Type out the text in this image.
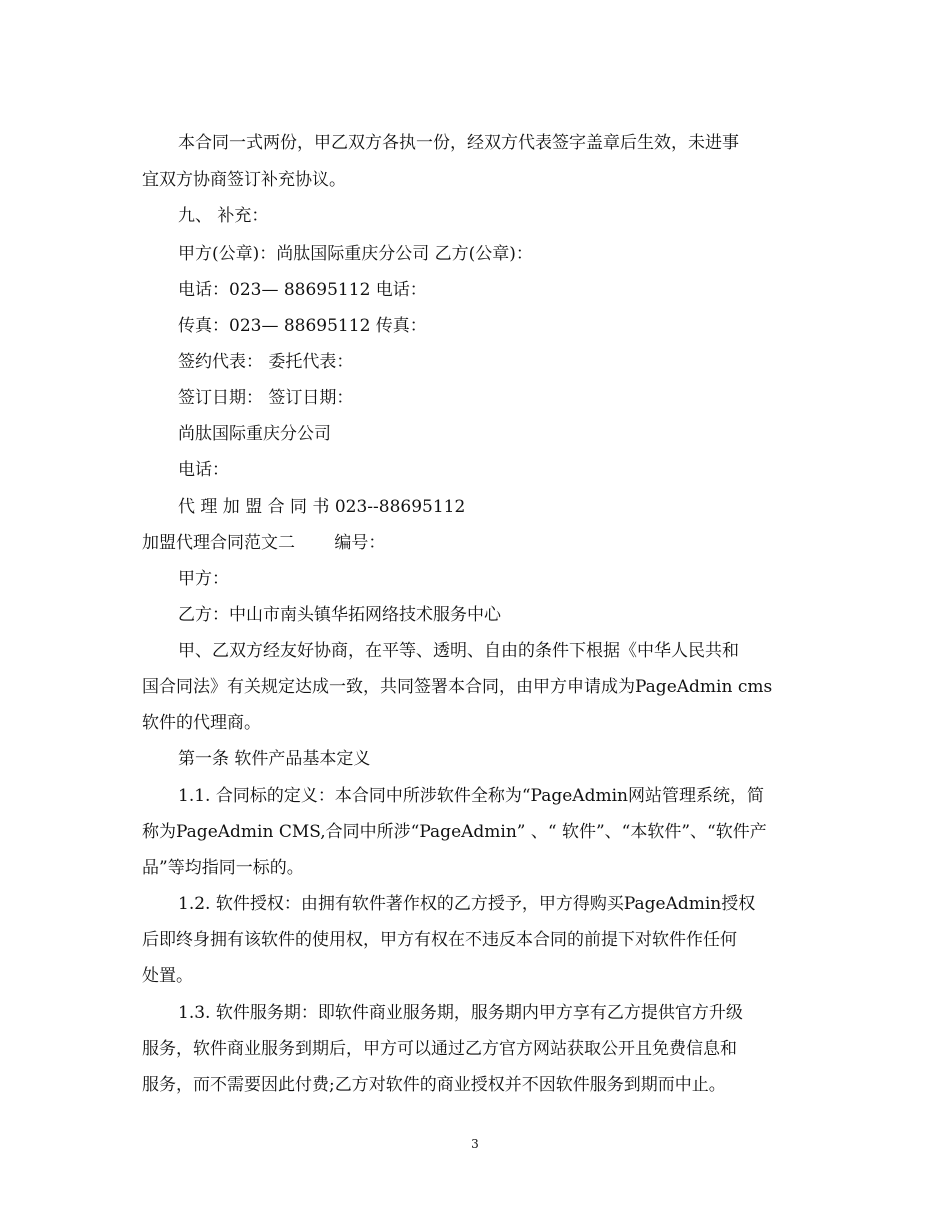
本合同一式两份，甲乙双方各执一份，经双方代表签字盖章后生效，未进事
宜双方协商签订补充协议。
九、 补充：
甲方(公章)：尚肽国际重庆分公司 乙方(公章)：
电话：023— 88695112 电话：
传真：023— 88695112 传真：
签约代表： 委托代表：
签订日期： 签订日期：
尚肽国际重庆分公司
电话：
代 理 加 盟 合 同 书 023--88695112
加盟代理合同范文二　　 编号：
甲方：
乙方：中山市南头镇华拓网络技术服务中心
甲、乙双方经友好协商，在平等、透明、自由的条件下根据《中华人民共和
国合同法》有关规定达成一致，共同签署本合同，由甲方申请成为PageAdmin cms
软件的代理商。
第一条 软件产品基本定义
1.1. 合同标的定义：本合同中所涉软件全称为“PageAdmin网站管理系统，简
称为PageAdmin CMS,合同中所涉“PageAdmin” 、“ 软件”、“本软件”、“软件产
品”等均指同一标的。
1.2. 软件授权：由拥有软件著作权的乙方授予，甲方得购买PageAdmin授权
后即终身拥有该软件的使用权，甲方有权在不违反本合同的前提下对软件作任何
处置。
1.3. 软件服务期：即软件商业服务期，服务期内甲方享有乙方提供官方升级
服务，软件商业服务到期后，甲方可以通过乙方官方网站获取公开且免费信息和
服务，而不需要因此付费;乙方对软件的商业授权并不因软件服务到期而中止。
3
